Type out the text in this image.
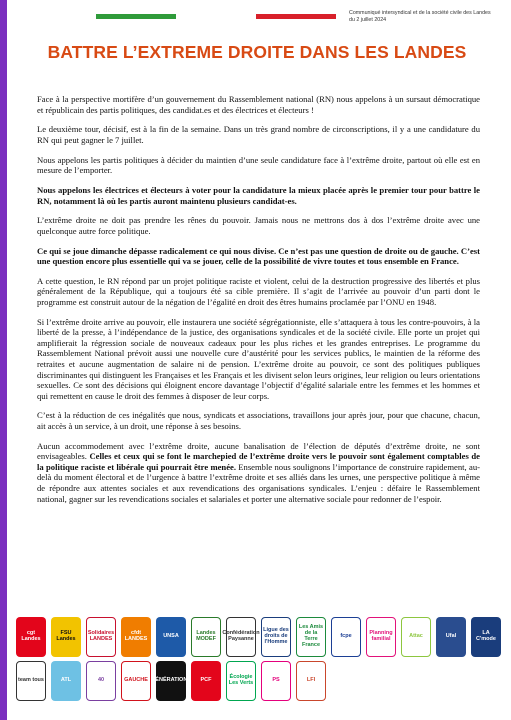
Communiqué intersyndical et de la société civile des Landes
du 2 juillet 2024
BATTRE L’EXTREME DROITE DANS LES LANDES

Face à la perspective mortifère d’un gouvernement du Rassemblement national (RN) nous appelons à un sursaut démocratique et républicain des partis politiques, des candidat.es et des électrices et électeurs !

Le deuxième tour, décisif, est à la fin de la semaine. Dans un très grand nombre de circonscriptions, il y a une candidature du RN qui peut gagner le 7 juillet.

Nous appelons les partis politiques à décider du maintien d’une seule candidature face à l’extrême droite, partout où elle est en mesure de l’emporter.

Nous appelons les électrices et électeurs à voter pour la candidature la mieux placée après le premier tour pour battre le RN, notamment là où les partis auront maintenu plusieurs candidat-es.

L’extrême droite ne doit pas prendre les rênes du pouvoir. Jamais nous ne mettrons dos à dos l’extrême droite avec une quelconque autre force politique.

Ce qui se joue dimanche dépasse radicalement ce qui nous divise. Ce n’est pas une question de droite ou de gauche. C’est une question encore plus essentielle qui va se jouer, celle de la possibilité de vivre toutes et tous ensemble en France.

A cette question, le RN répond par un projet politique raciste et violent, celui de la destruction progressive des libertés et plus généralement de la République, qui a toujours été sa cible première. Il s’agit de l’arrivée au pouvoir d’un parti dont le programme est construit autour de la négation de l’égalité en droit des êtres humains proclamée par l’ONU en 1948.

Si l’extrême droite arrive au pouvoir, elle instaurera une société ségrégationniste, elle s’attaquera à tous les contre-pouvoirs, à la liberté de la presse, à l’indépendance de la justice, des organisations syndicales et de la société civile. Elle porte un projet qui amplifierait la régression sociale de nouveaux cadeaux pour les plus riches et les grandes entreprises. Le programme du Rassemblement National prévoit aussi une nouvelle cure d’austérité pour les services publics, le maintien de la réforme des retraites et aucune augmentation de salaire ni de pension. L’extrême droite au pouvoir, ce sont des politiques publiques discriminantes qui distinguent les Françaises et les Français et les divisent selon leurs origines, leur religion ou leurs orientations sexuelles. Ce sont des décisions qui éloignent encore davantage l’objectif d’égalité salariale entre les femmes et les hommes et qui remettent en cause le droit des femmes à disposer de leur corps.

C’est à la réduction de ces inégalités que nous, syndicats et associations, travaillons jour après jour, pour que chacune, chacun, ait accès à un service, à un droit, une réponse à ses besoins.

Aucun accommodement avec l’extrême droite, aucune banalisation de l’élection de députés d’extrême droite, ne sont envisageables. Celles et ceux qui se font le marchepied de l’extrême droite vers le pouvoir sont également comptables de la politique raciste et libérale qui pourrait être menée. Ensemble nous soulignons l’importance de construire rapidement, au-delà du moment électoral et de l’urgence à battre l’extrême droite et ses alliés dans les urnes, une perspective politique à même de répondre aux attentes sociales et aux revendications des organisations syndicales. L’enjeu : défaire le Rassemblement national, gagner sur les revendications sociales et salariales et porter une alternative sociale pour redonner de l’espoir.

cgt Landes
FSU Landes
Solidaires LANDES
cfdt LANDES	UNSA	Landes MODEF
Confédération Paysanne
Ligue des droits de l'Homme
Les Amis de la Terre France
fcpe	Planning familial	Attac	Ufal	LA C'mode
team tous	ATL	40	GAUCHE GÉNÉRATIONS	PCF	Écologie Les Verts	PS	LFI
